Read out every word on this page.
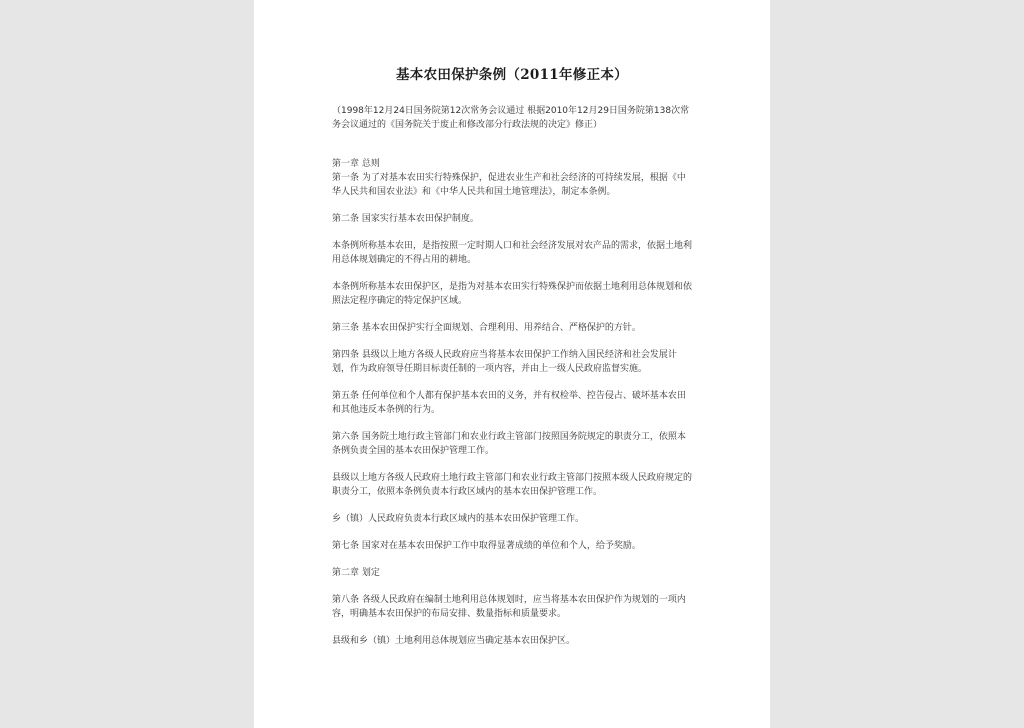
基本农田保护条例（2011年修正本）
（1998年12月24日国务院第12次常务会议通过 根据2010年12月29日国务院第138次常务会议通过的《国务院关于废止和修改部分行政法规的决定》修正）

第一章 总则

第一条 为了对基本农田实行特殊保护，促进农业生产和社会经济的可持续发展，根据《中华人民共和国农业法》和《中华人民共和国土地管理法》，制定本条例。

第二条 国家实行基本农田保护制度。

本条例所称基本农田，是指按照一定时期人口和社会经济发展对农产品的需求，依据土地利用总体规划确定的不得占用的耕地。

本条例所称基本农田保护区，是指为对基本农田实行特殊保护而依据土地利用总体规划和依照法定程序确定的特定保护区域。

第三条 基本农田保护实行全面规划、合理利用、用养结合、严格保护的方针。

第四条 县级以上地方各级人民政府应当将基本农田保护工作纳入国民经济和社会发展计划，作为政府领导任期目标责任制的一项内容，并由上一级人民政府监督实施。

第五条 任何单位和个人都有保护基本农田的义务，并有权检举、控告侵占、破坏基本农田和其他违反本条例的行为。

第六条 国务院土地行政主管部门和农业行政主管部门按照国务院规定的职责分工，依照本条例负责全国的基本农田保护管理工作。

县级以上地方各级人民政府土地行政主管部门和农业行政主管部门按照本级人民政府规定的职责分工，依照本条例负责本行政区域内的基本农田保护管理工作。

乡（镇）人民政府负责本行政区域内的基本农田保护管理工作。

第七条 国家对在基本农田保护工作中取得显著成绩的单位和个人，给予奖励。

第二章 划定

第八条 各级人民政府在编制土地利用总体规划时，应当将基本农田保护作为规划的一项内容，明确基本农田保护的布局安排、数量指标和质量要求。

县级和乡（镇）土地利用总体规划应当确定基本农田保护区。
